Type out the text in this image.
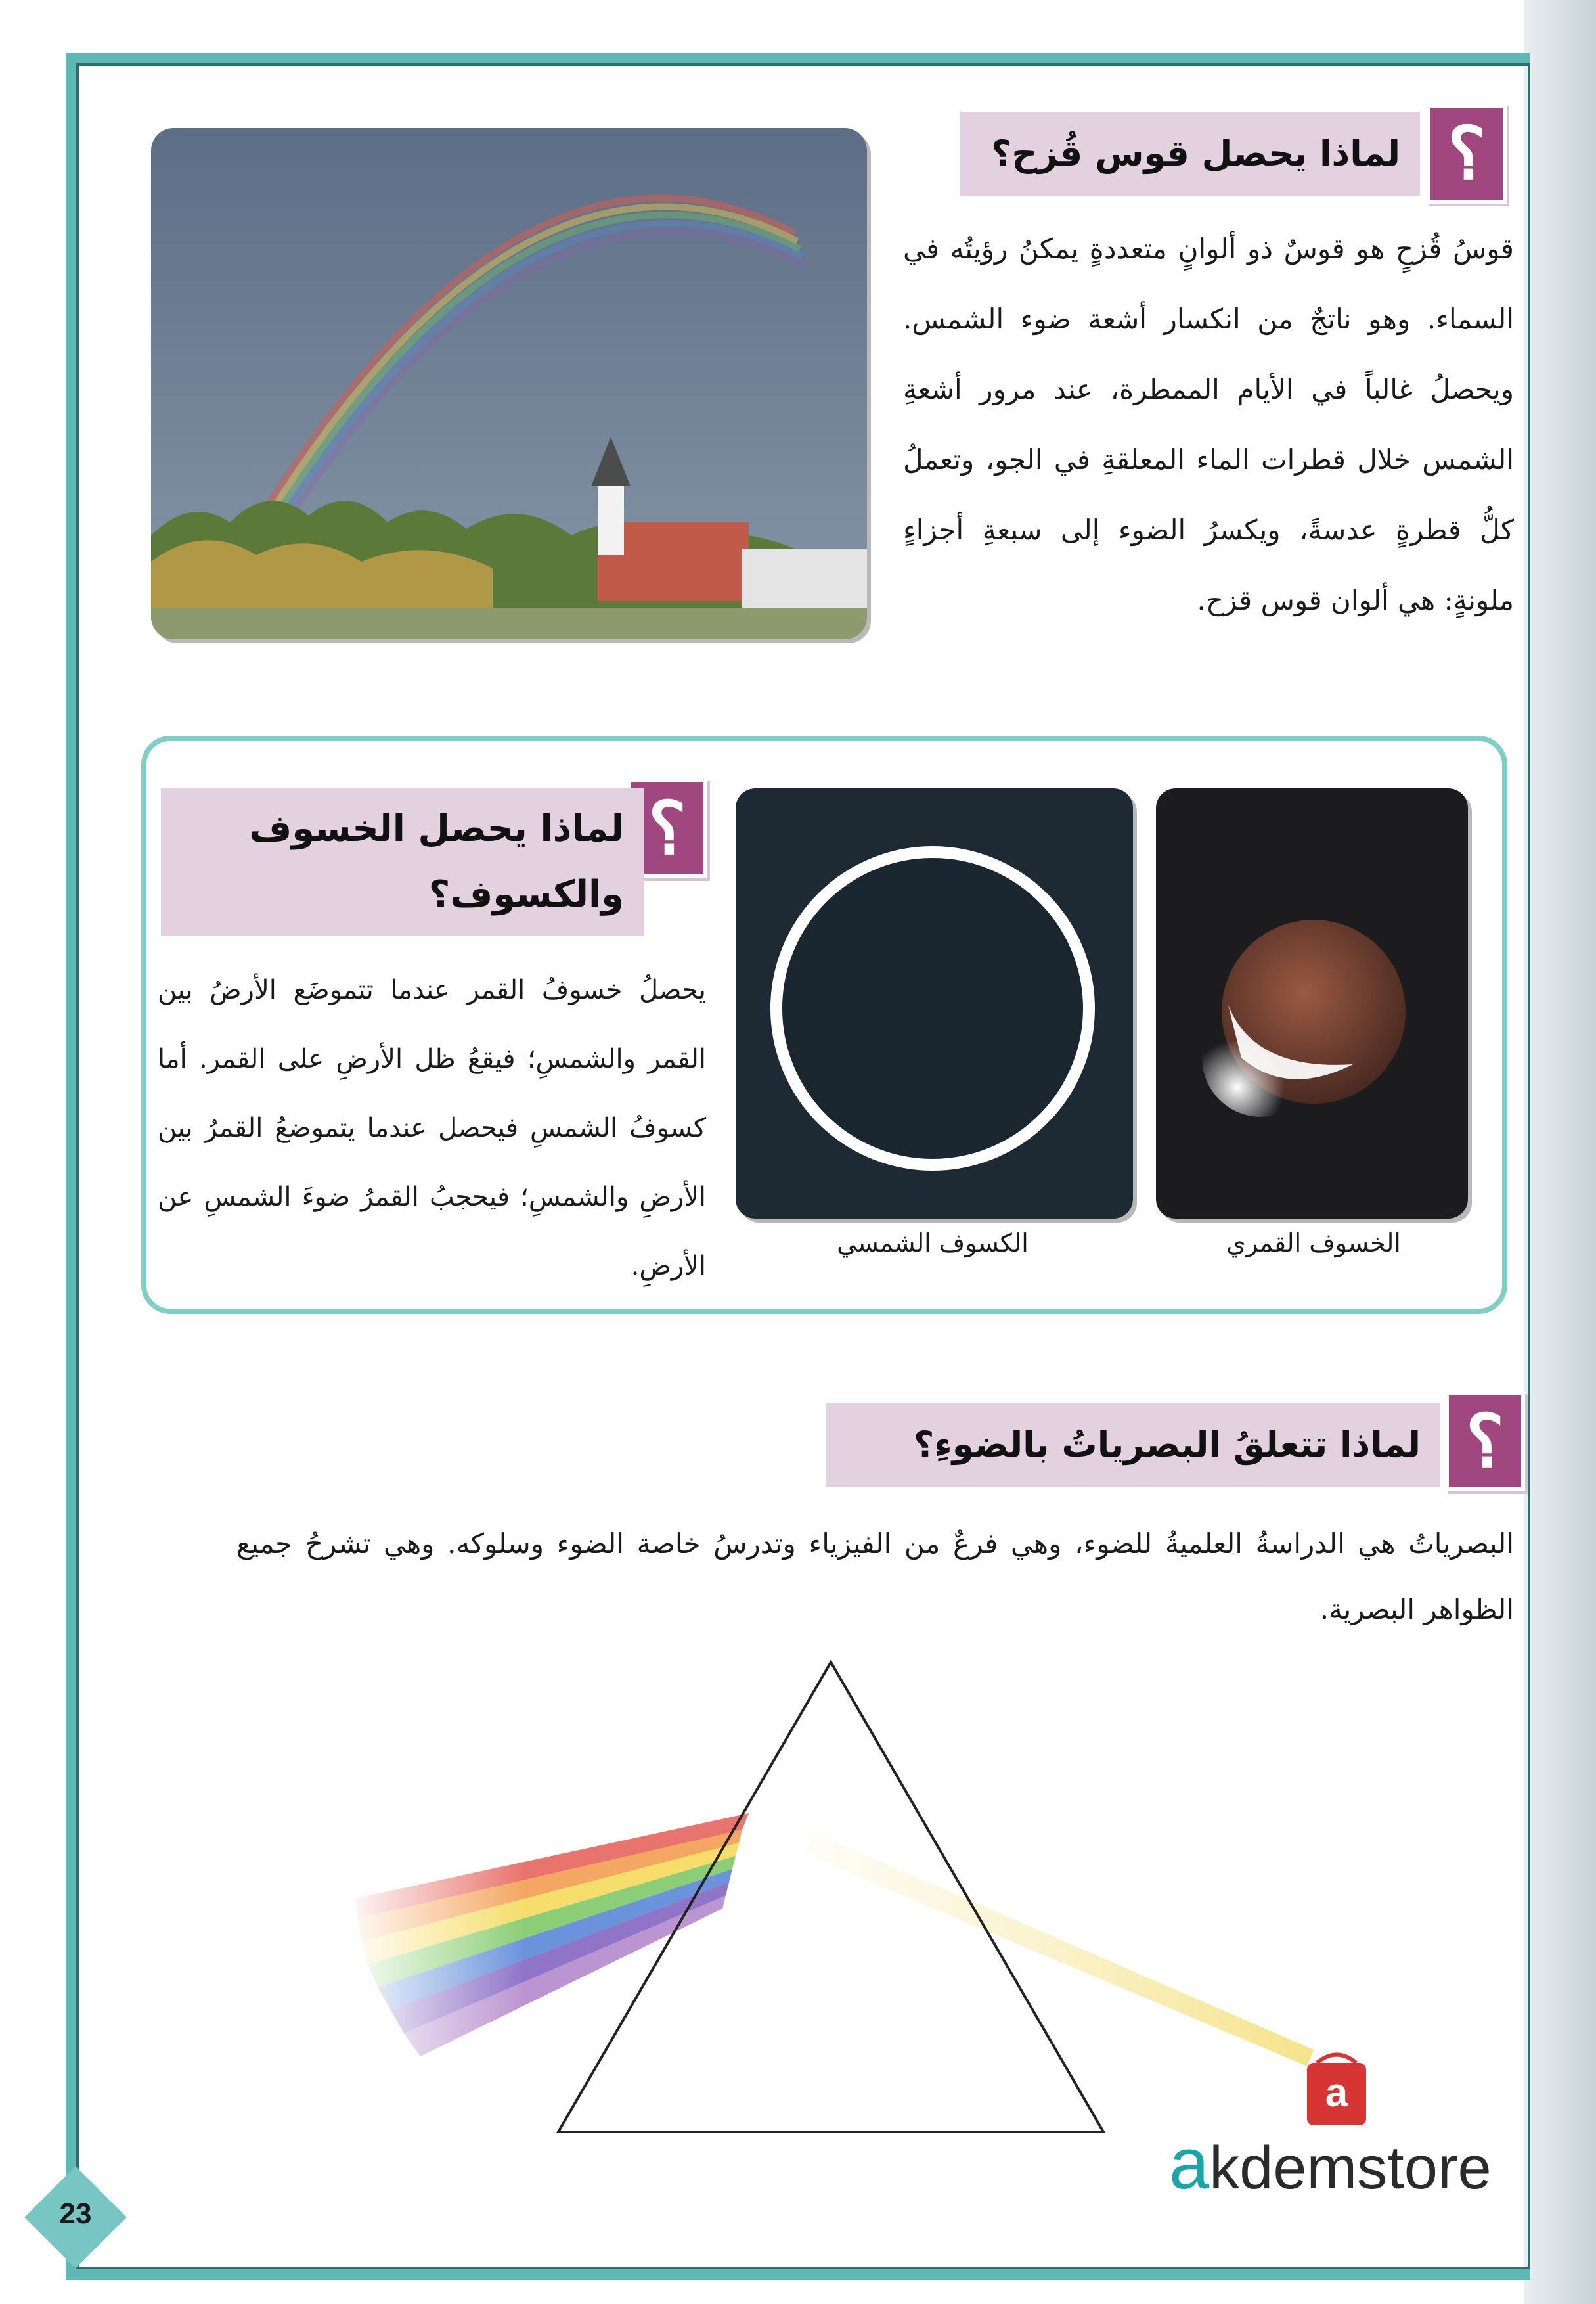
؟
لماذا يحصل قوس قُزح؟
قوسُ قُزحٍ هو قوسٌ ذو ألوانٍ متعددةٍ يمكنُ رؤيتُه في السماء. وهو ناتجٌ من انكسار أشعة ضوء الشمس. ويحصلُ غالباً في الأيام الممطرة، عند مرور أشعةِ الشمس خلال قطرات الماء المعلقةِ في الجو، وتعملُ كلُّ قطرةٍ عدسةً، ويكسرُ الضوء إلى سبعةِ أجزاءٍ ملونةٍ: هي ألوان قوس قزح.
؟
لماذا يحصل الخسوف والكسوف؟
يحصلُ خسوفُ القمر عندما تتموضَع الأرضُ بين القمر والشمسِ؛ فيقعُ ظل الأرضِ على القمر. أما كسوفُ الشمسِ فيحصل عندما يتموضعُ القمرُ بين الأرضِ والشمسِ؛ فيحجبُ القمرُ ضوءَ الشمسِ عن الأرضِ.
الكسوف الشمسي	الخسوف القمري
؟
لماذا تتعلقُ البصرياتُ بالضوءِ؟
البصرياتُ هي الدراسةُ العلميةُ للضوء، وهي فرعٌ من الفيزياء وتدرسُ خاصة الضوء وسلوكه. وهي تشرحُ جميع الظواهر البصرية.
a
akdemstore
23
